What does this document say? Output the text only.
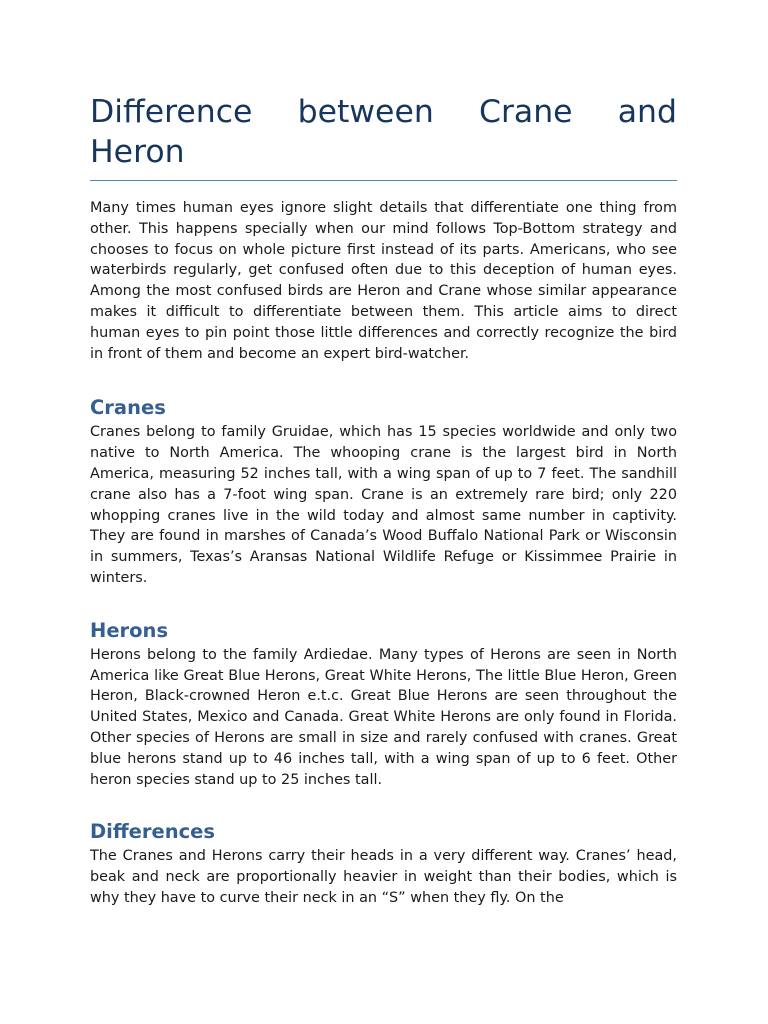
Difference between Crane and
Heron

Many times human eyes ignore slight details that differentiate one thing from other. This happens specially when our mind follows Top-Bottom strategy and chooses to focus on whole picture first instead of its parts. Americans, who see waterbirds regularly, get confused often due to this deception of human eyes. Among the most confused birds are Heron and Crane whose similar appearance makes it difficult to differentiate between them. This article aims to direct human eyes to pin point those little differences and correctly recognize the bird in front of them and become an expert bird-watcher.

Cranes

Cranes belong to family Gruidae, which has 15 species worldwide and only two native to North America. The whooping crane is the largest bird in North America, measuring 52 inches tall, with a wing span of up to 7 feet. The sandhill crane also has a 7-foot wing span. Crane is an extremely rare bird; only 220 whopping cranes live in the wild today and almost same number in captivity. They are found in marshes of Canada’s Wood Buffalo National Park or Wisconsin in summers, Texas’s Aransas National Wildlife Refuge or Kissimmee Prairie in winters.

Herons

Herons belong to the family Ardiedae. Many types of Herons are seen in North America like Great Blue Herons, Great White Herons, The little Blue Heron, Green Heron, Black-crowned Heron e.t.c. Great Blue Herons are seen throughout the United States, Mexico and Canada. Great White Herons are only found in Florida. Other species of Herons are small in size and rarely confused with cranes. Great blue herons stand up to 46 inches tall, with a wing span of up to 6 feet. Other heron species stand up to 25 inches tall.

Differences

The Cranes and Herons carry their heads in a very different way. Cranes’ head, beak and neck are proportionally heavier in weight than their bodies, which is why they have to curve their neck in an “S” when they fly. On the
